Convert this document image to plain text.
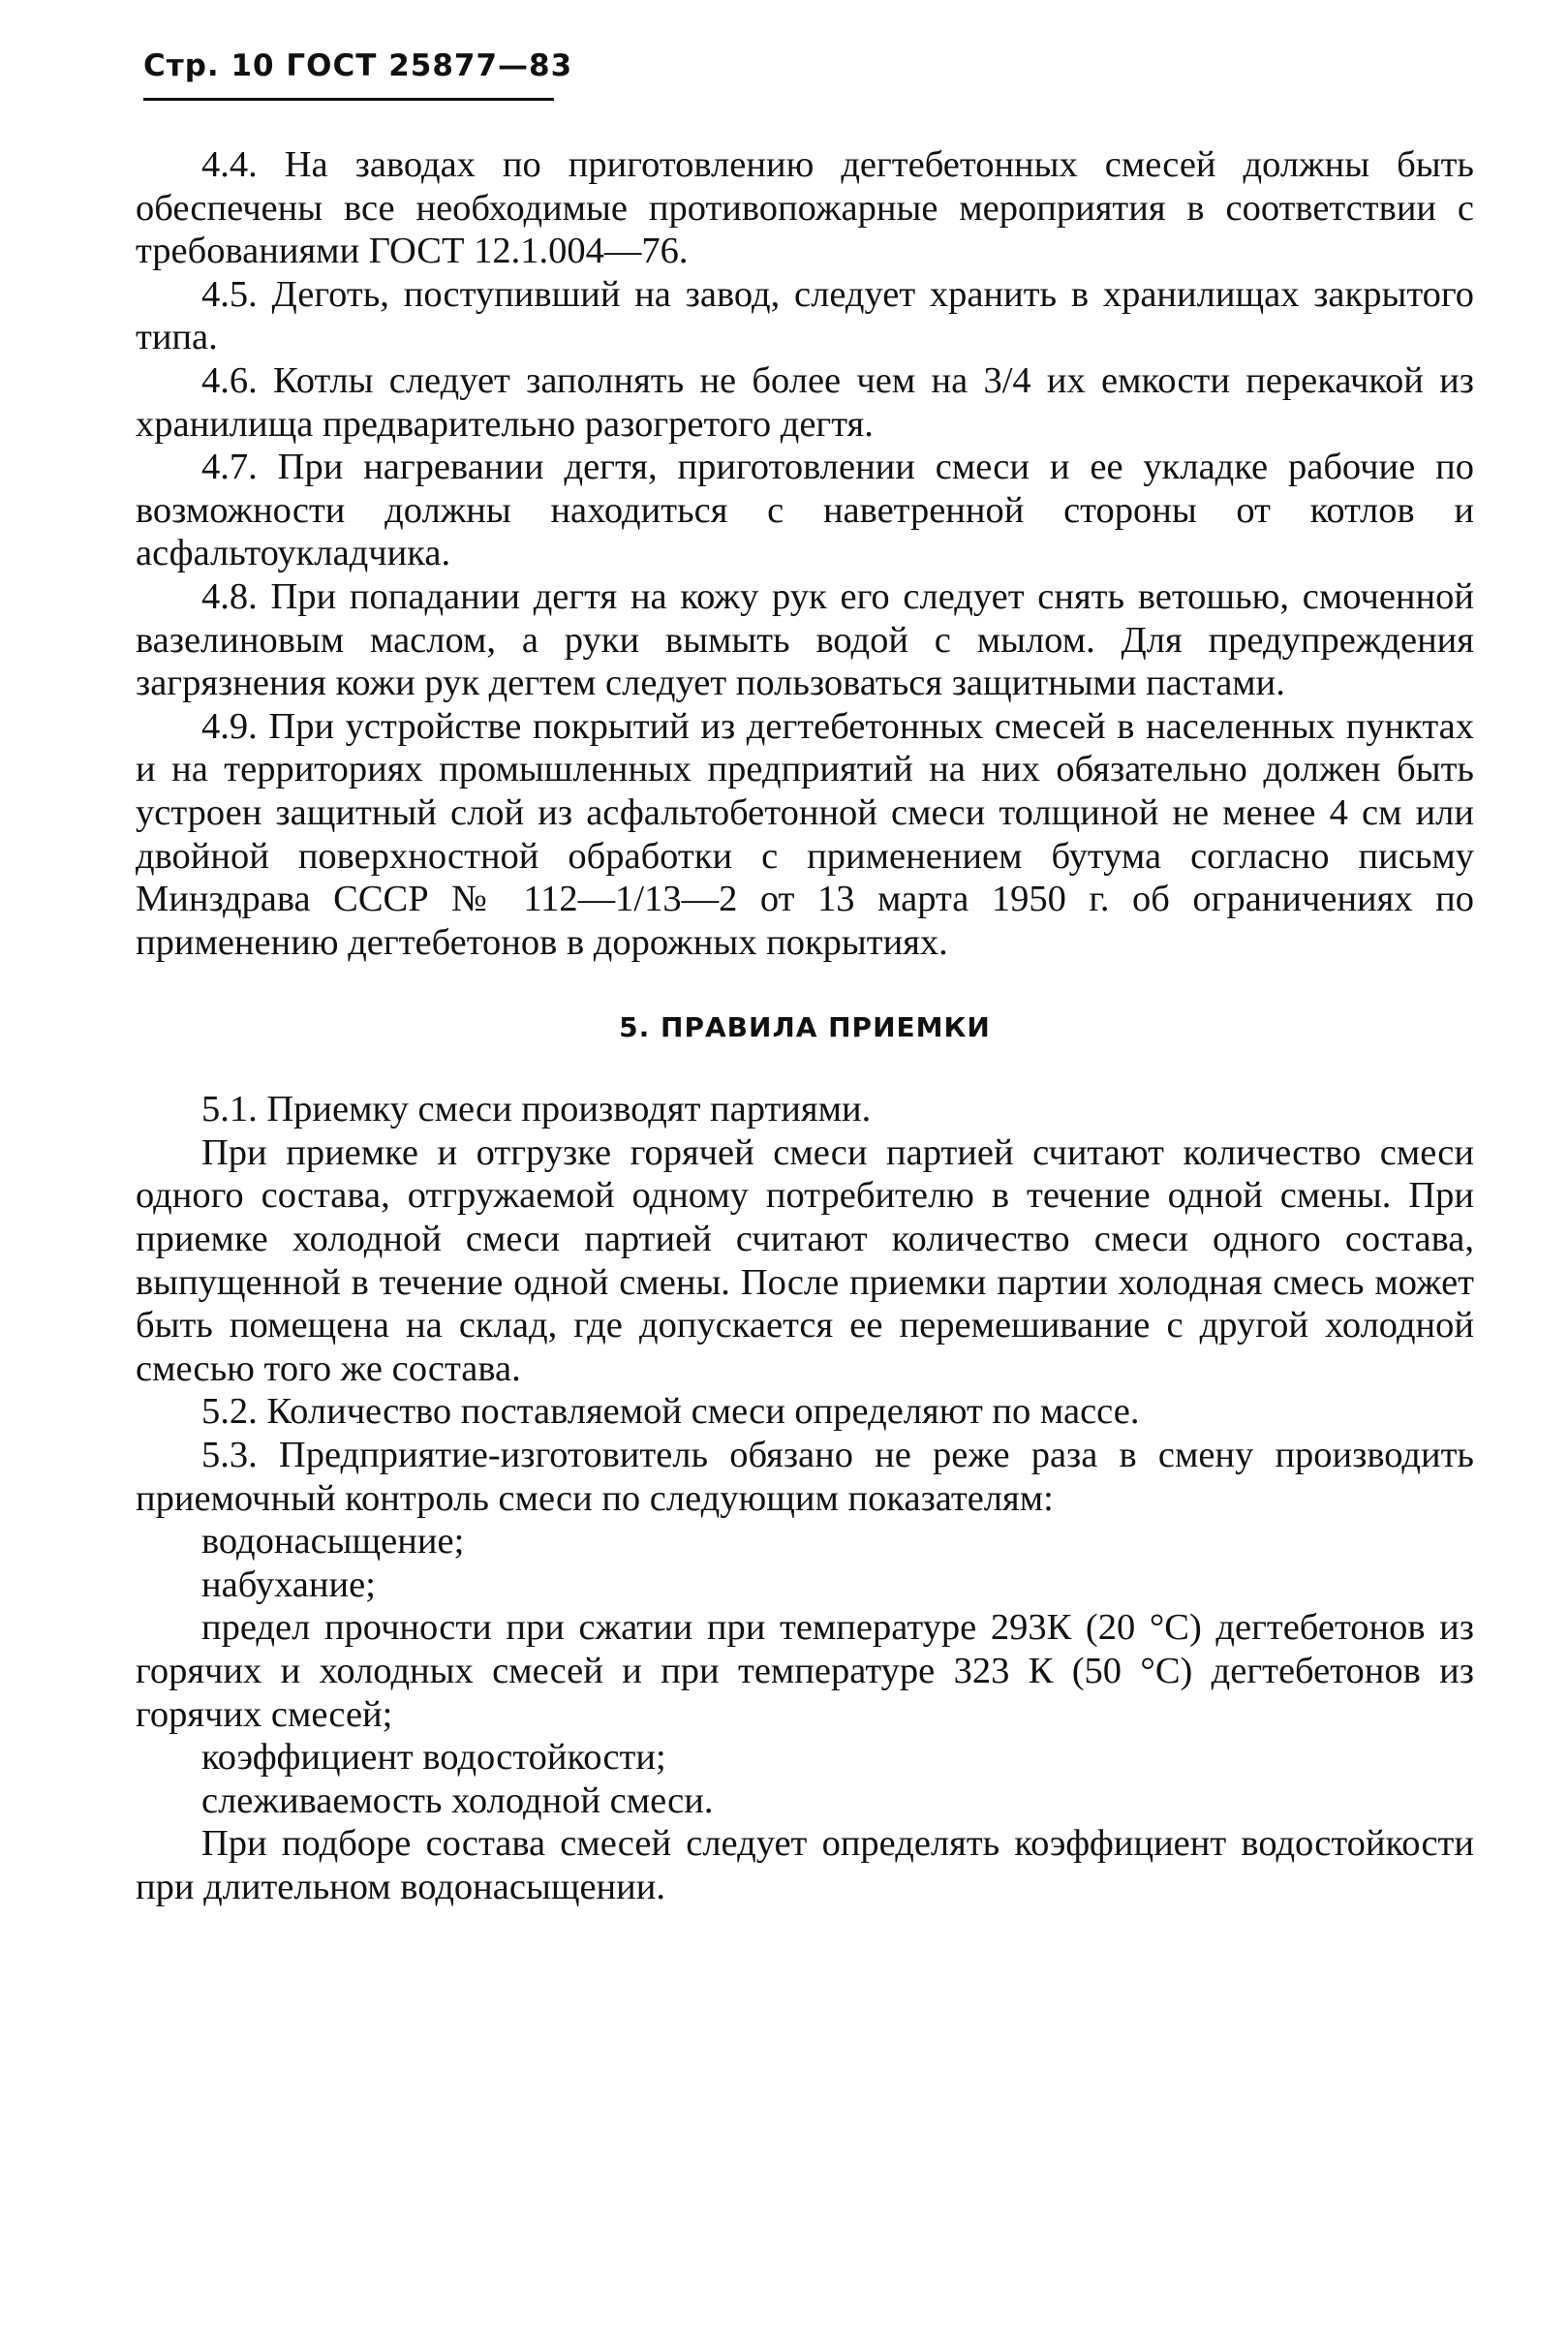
Стр. 10 ГОСТ 25877—83

4.4. На заводах по приготовлению дегтебетонных смесей должны быть обеспечены все необходимые противопожарные мероприятия в соответствии с требованиями ГОСТ 12.1.004—76.

4.5. Деготь, поступивший на завод, следует хранить в хранилищах закрытого типа.

4.6. Котлы следует заполнять не более чем на 3/4 их емкости перекачкой из хранилища предварительно разогретого дегтя.

4.7. При нагревании дегтя, приготовлении смеси и ее укладке рабочие по возможности должны находиться с наветренной стороны от котлов и асфальтоукладчика.

4.8. При попадании дегтя на кожу рук его следует снять ветошью, смоченной вазелиновым маслом, а руки вымыть водой с мылом. Для предупреждения загрязнения кожи рук дегтем следует пользоваться защитными пастами.

4.9. При устройстве покрытий из дегтебетонных смесей в населенных пунктах и на территориях промышленных предприятий на них обязательно должен быть устроен защитный слой из асфальтобетонной смеси толщиной не менее 4 см или двойной поверхностной обработки с применением бутума согласно письму Минздрава СССР № 112—1/13—2 от 13 марта 1950 г. об ограничениях по применению дегтебетонов в дорожных покрытиях.

5. ПРАВИЛА ПРИЕМКИ

5.1. Приемку смеси производят партиями.

При приемке и отгрузке горячей смеси партией считают количество смеси одного состава, отгружаемой одному потребителю в течение одной смены. При приемке холодной смеси партией считают количество смеси одного состава, выпущенной в течение одной смены. После приемки партии холодная смесь может быть помещена на склад, где допускается ее перемешивание с другой холодной смесью того же состава.

5.2. Количество поставляемой смеси определяют по массе.

5.3. Предприятие-изготовитель обязано не реже раза в смену производить приемочный контроль смеси по следующим показателям:

водонасыщение;

набухание;

предел прочности при сжатии при температуре 293К (20 °С) дегтебетонов из горячих и холодных смесей и при температуре 323 К (50 °С) дегтебетонов из горячих смесей;

коэффициент водостойкости;

слеживаемость холодной смеси.

При подборе состава смесей следует определять коэффициент водостойкости при длительном водонасыщении.
